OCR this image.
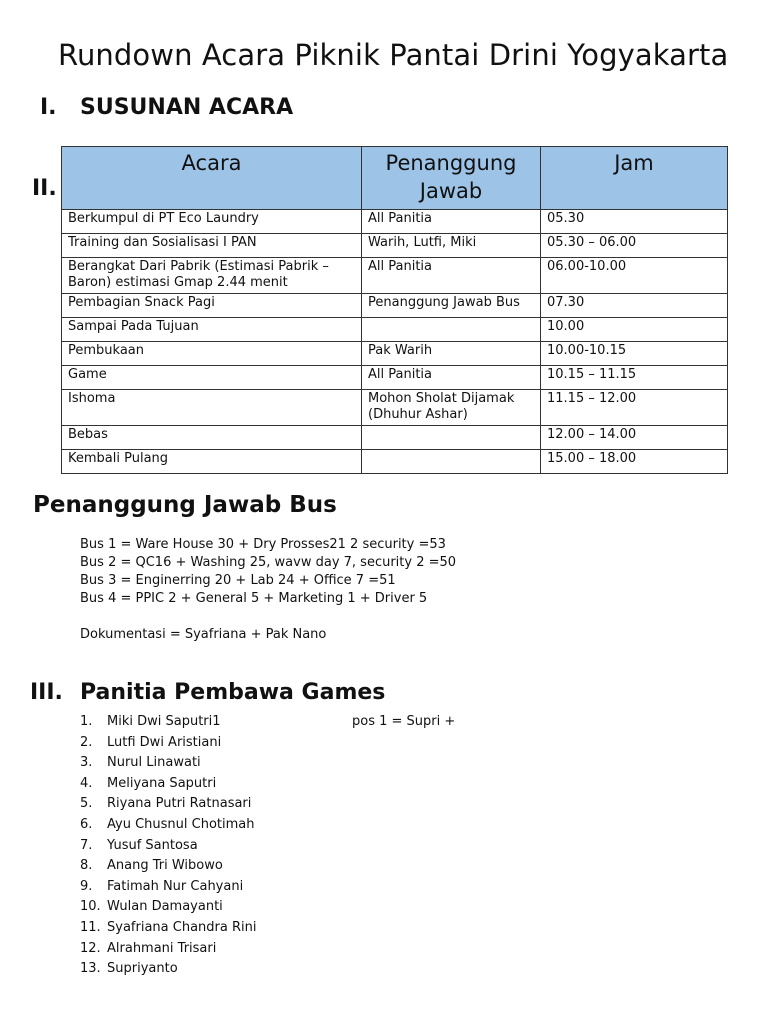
Rundown Acara Piknik Pantai Drini Yogyakarta
I. SUSUNAN ACARA
II.
Acara	Penanggung Jawab	Jam
Berkumpul di PT Eco Laundry	All Panitia	05.30
Training dan Sosialisasi I PAN	Warih, Lutfi, Miki	05.30 – 06.00
Berangkat Dari Pabrik (Estimasi Pabrik – Baron) estimasi Gmap 2.44 menit	All Panitia	06.00-10.00
Pembagian Snack Pagi	Penanggung Jawab Bus	07.30
Sampai Pada Tujuan		10.00
Pembukaan	Pak Warih	10.00-10.15
Game	All Panitia	10.15 – 11.15
Ishoma	Mohon Sholat Dijamak (Dhuhur Ashar)	11.15 – 12.00
Bebas		12.00 – 14.00
Kembali Pulang		15.00 – 18.00
Penanggung Jawab Bus
Bus 1 = Ware House 30 + Dry Prosses21 2 security =53
Bus 2 = QC16 + Washing 25, wavw day 7, security 2 =50
Bus 3 = Enginerring 20 + Lab 24 + Office 7 =51
Bus 4 = PPIC 2 + General 5 + Marketing 1 + Driver 5
Dokumentasi = Syafriana + Pak Nano
III. Panitia Pembawa Games
1. Miki Dwi Saputri1
2. Lutfi Dwi Aristiani
3. Nurul Linawati
4. Meliyana Saputri
5. Riyana Putri Ratnasari
6. Ayu Chusnul Chotimah
7. Yusuf Santosa
8. Anang Tri Wibowo
9. Fatimah Nur Cahyani
10. Wulan Damayanti
11. Syafriana Chandra Rini
12. Alrahmani Trisari
13. Supriyanto
pos 1 = Supri +
